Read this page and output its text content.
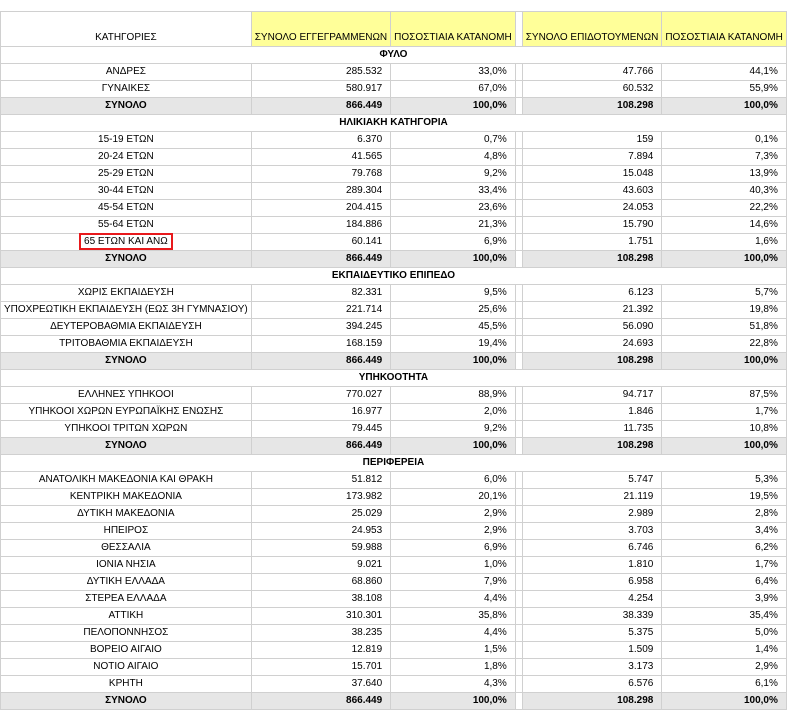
ΚΑΤΗΓΟΡΙΕΣ	ΣΥΝΟΛΟ ΕΓΓΕΓΡΑΜΜΕΝΩΝ	ΠΟΣΟΣΤΙΑΙΑ ΚΑΤΑΝΟΜΗ		ΣΥΝΟΛΟ ΕΠΙΔΟΤΟΥΜΕΝΩΝ	ΠΟΣΟΣΤΙΑΙΑ ΚΑΤΑΝΟΜΗ
ΦΥΛΟ					
ΑΝΔΡΕΣ	285.532	33,0%		47.766	44,1%
ΓΥΝΑΙΚΕΣ	580.917	67,0%		60.532	55,9%
ΣΥΝΟΛΟ	866.449	100,0%		108.298	100,0%
ΗΛΙΚΙΑΚΗ ΚΑΤΗΓΟΡΙΑ					
15-19 ΕΤΩΝ	6.370	0,7%		159	0,1%
20-24 ΕΤΩΝ	41.565	4,8%		7.894	7,3%
25-29 ΕΤΩΝ	79.768	9,2%		15.048	13,9%
30-44 ΕΤΩΝ	289.304	33,4%		43.603	40,3%
45-54 ΕΤΩΝ	204.415	23,6%		24.053	22,2%
55-64 ΕΤΩΝ	184.886	21,3%		15.790	14,6%
65 ΕΤΩΝ ΚΑΙ ΑΝΩ	60.141	6,9%		1.751	1,6%
ΣΥΝΟΛΟ	866.449	100,0%		108.298	100,0%
ΕΚΠΑΙΔΕΥΤΙΚΟ ΕΠΙΠΕΔΟ					
ΧΩΡΙΣ ΕΚΠΑΙΔΕΥΣΗ	82.331	9,5%		6.123	5,7%
ΥΠΟΧΡΕΩΤΙΚΗ ΕΚΠΑΙΔΕΥΣΗ (ΕΩΣ 3Η ΓΥΜΝΑΣΙΟΥ)	221.714	25,6%		21.392	19,8%
ΔΕΥΤΕΡΟΒΑΘΜΙΑ ΕΚΠΑΙΔΕΥΣΗ	394.245	45,5%		56.090	51,8%
ΤΡΙΤΟΒΑΘΜΙΑ ΕΚΠΑΙΔΕΥΣΗ	168.159	19,4%		24.693	22,8%
ΣΥΝΟΛΟ	866.449	100,0%		108.298	100,0%
ΥΠΗΚΟΟΤΗΤΑ					
ΕΛΛΗΝΕΣ ΥΠΗΚΟΟΙ	770.027	88,9%		94.717	87,5%
ΥΠΗΚΟΟΙ ΧΩΡΩΝ ΕΥΡΩΠΑΪΚΗΣ ΕΝΩΣΗΣ	16.977	2,0%		1.846	1,7%
ΥΠΗΚΟΟΙ ΤΡΙΤΩΝ ΧΩΡΩΝ	79.445	9,2%		11.735	10,8%
ΣΥΝΟΛΟ	866.449	100,0%		108.298	100,0%
ΠΕΡΙΦΕΡΕΙΑ					
ΑΝΑΤΟΛΙΚΗ ΜΑΚΕΔΟΝΙΑ ΚΑΙ ΘΡΑΚΗ	51.812	6,0%		5.747	5,3%
ΚΕΝΤΡΙΚΗ ΜΑΚΕΔΟΝΙΑ	173.982	20,1%		21.119	19,5%
ΔΥΤΙΚΗ ΜΑΚΕΔΟΝΙΑ	25.029	2,9%		2.989	2,8%
ΗΠΕΙΡΟΣ	24.953	2,9%		3.703	3,4%
ΘΕΣΣΑΛΙΑ	59.988	6,9%		6.746	6,2%
ΙΟΝΙΑ ΝΗΣΙΑ	9.021	1,0%		1.810	1,7%
ΔΥΤΙΚΗ ΕΛΛΑΔΑ	68.860	7,9%		6.958	6,4%
ΣΤΕΡΕΑ ΕΛΛΑΔΑ	38.108	4,4%		4.254	3,9%
ΑΤΤΙΚΗ	310.301	35,8%		38.339	35,4%
ΠΕΛΟΠΟΝΝΗΣΟΣ	38.235	4,4%		5.375	5,0%
ΒΟΡΕΙΟ ΑΙΓΑΙΟ	12.819	1,5%		1.509	1,4%
ΝΟΤΙΟ ΑΙΓΑΙΟ	15.701	1,8%		3.173	2,9%
ΚΡΗΤΗ	37.640	4,3%		6.576	6,1%
ΣΥΝΟΛΟ	866.449	100,0%		108.298	100,0%
